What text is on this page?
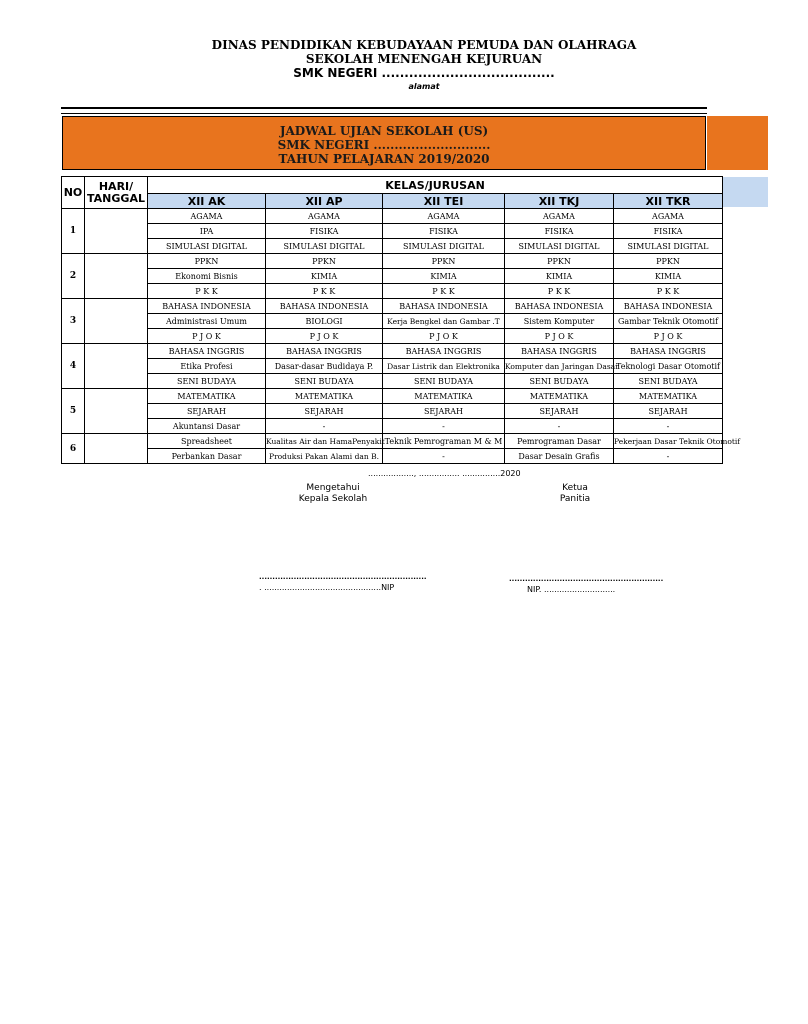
DINAS PENDIDIKAN KEBUDAYAAN PEMUDA DAN OLAHRAGA
SEKOLAH MENENGAH KEJURUAN
SMK NEGERI ......................................
alamat
JADWAL UJIAN SEKOLAH (US)
SMK NEGERI ............................
TAHUN PELAJARAN 2019/2020
NO	HARI/
TANGGAL	KELAS/JURUSAN				
		XII AK	XII AP	XII TEI	XII TKJ	XII TKR
1		AGAMA	AGAMA	AGAMA	AGAMA	AGAMA
		IPA	FISIKA	FISIKA	FISIKA	FISIKA
		SIMULASI DIGITAL	SIMULASI DIGITAL	SIMULASI DIGITAL	SIMULASI DIGITAL	SIMULASI DIGITAL
2		PPKN	PPKN	PPKN	PPKN	PPKN
		Ekonomi Bisnis	KIMIA	KIMIA	KIMIA	KIMIA
		P K K	P K K	P K K	P K K	P K K
3		BAHASA INDONESIA	BAHASA INDONESIA	BAHASA INDONESIA	BAHASA INDONESIA	BAHASA INDONESIA
		Administrasi Umum	BIOLOGI	Kerja Bengkel dan Gambar .T	Sistem Komputer	Gambar Teknik Otomotif
		P J O K	P J O K	P J O K	P J O K	P J O K
4		BAHASA INGGRIS	BAHASA INGGRIS	BAHASA INGGRIS	BAHASA INGGRIS	BAHASA INGGRIS
		Etika Profesi	Dasar-dasar Budidaya P.	Dasar Listrik dan Elektronika	Komputer dan Jaringan Dasar	Teknologi Dasar Otomotif
		SENI BUDAYA	SENI BUDAYA	SENI BUDAYA	SENI BUDAYA	SENI BUDAYA
5		MATEMATIKA	MATEMATIKA	MATEMATIKA	MATEMATIKA	MATEMATIKA
		SEJARAH	SEJARAH	SEJARAH	SEJARAH	SEJARAH
		Akuntansi Dasar	-	-	-	-
6		Spreadsheet	Kualitas Air dan HamaPenyakit	Teknik Pemrograman M & M	Pemrograman Dasar	Pekerjaan Dasar Teknik Otomotif
		Perbankan Dasar	Produksi Pakan Alami dan B.	-	Dasar Desain Grafis	-
.................., ................ ...............2020
Mengetahui
Kepala Sekolah
Ketua
Panitia
...............................................................
. ..............................................NIP
..........................................................
NIP. ............................
